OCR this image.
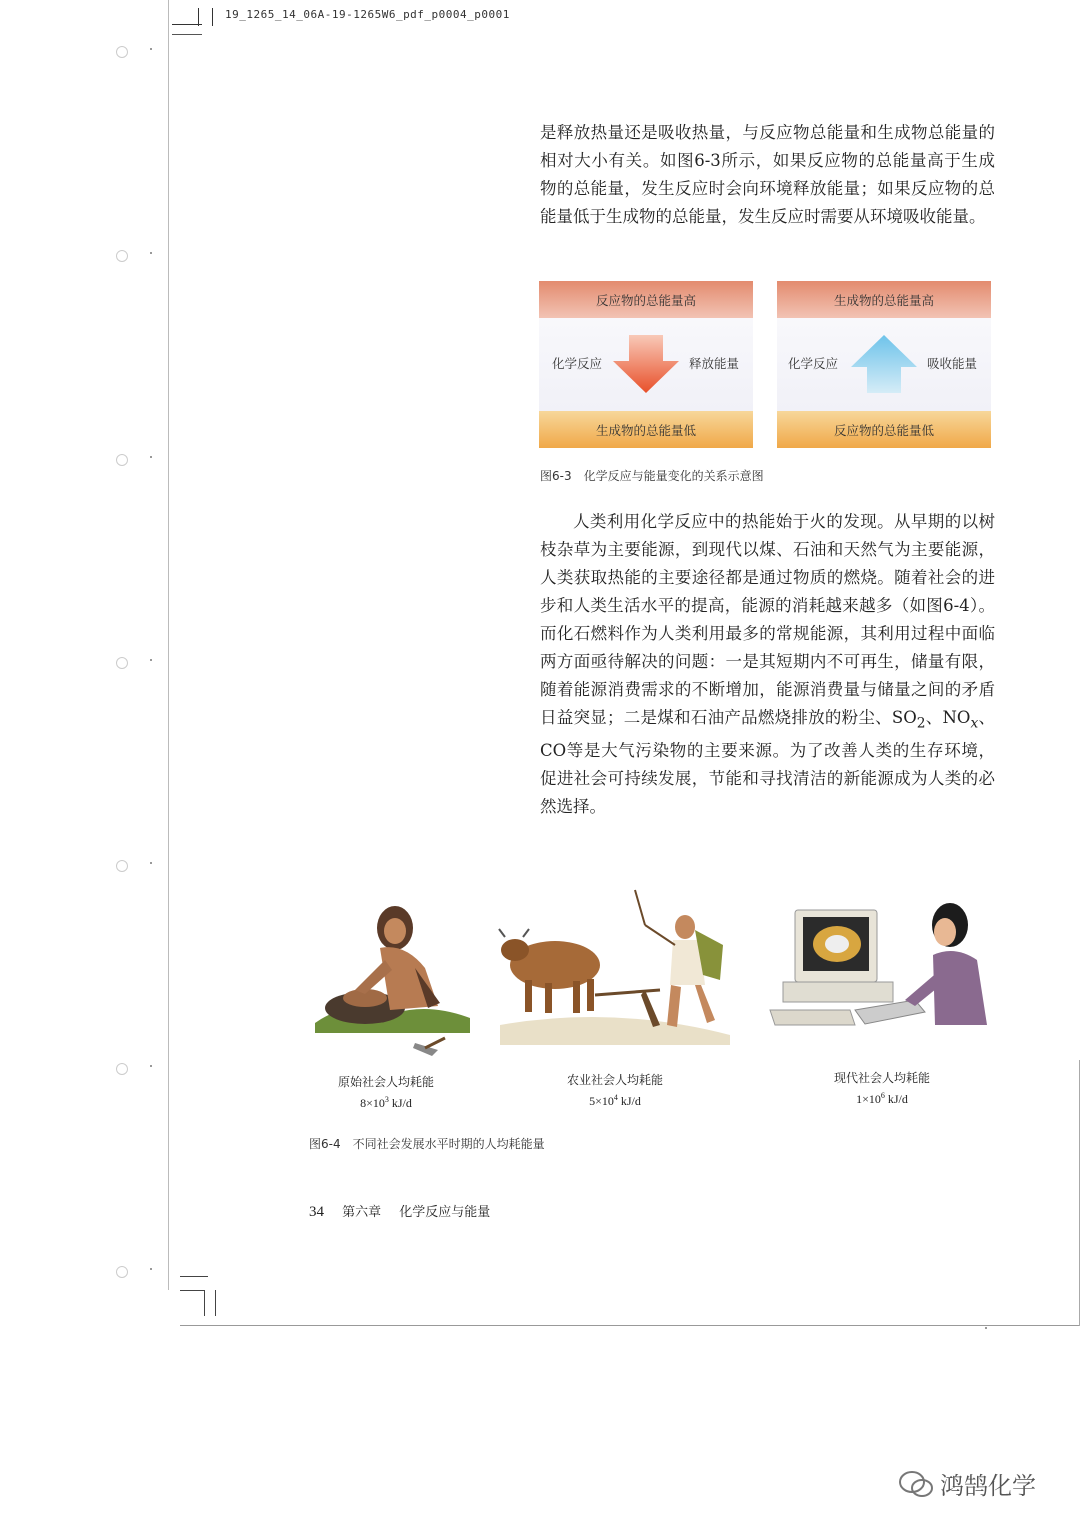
19_1265_14_06A-19-1265W6_pdf_p0004_p0001
是释放热量还是吸收热量，与反应物总能量和生成物总能量的相对大小有关。如图6-3所示，如果反应物的总能量高于生成物的总能量，发生反应时会向环境释放能量；如果反应物的总能量低于生成物的总能量，发生反应时需要从环境吸收能量。
反应物的总能量高
化学反应	释放能量
生成物的总能量低
生成物的总能量高
化学反应	吸收能量
反应物的总能量低
图6-3　化学反应与能量变化的关系示意图
人类利用化学反应中的热能始于火的发现。从早期的以树枝杂草为主要能源，到现代以煤、石油和天然气为主要能源，人类获取热能的主要途径都是通过物质的燃烧。随着社会的进步和人类生活水平的提高，能源的消耗越来越多（如图6-4）。而化石燃料作为人类利用最多的常规能源，其利用过程中面临两方面亟待解决的问题：一是其短期内不可再生，储量有限，随着能源消费需求的不断增加，能源消费量与储量之间的矛盾日益突显；二是煤和石油产品燃烧排放的粉尘、$SO_2$、$NO_x$、CO等是大气污染物的主要来源。为了改善人类的生存环境，促进社会可持续发展，节能和寻找清洁的新能源成为人类的必然选择。
原始社会人均耗能
$8\times 10^3$ kJ/d
农业社会人均耗能
$5\times 10^4$ kJ/d
现代社会人均耗能
$1\times 10^6$ kJ/d
图6-4　不同社会发展水平时期的人均耗能量
34 第六章 化学反应与能量
鸿鹄化学
